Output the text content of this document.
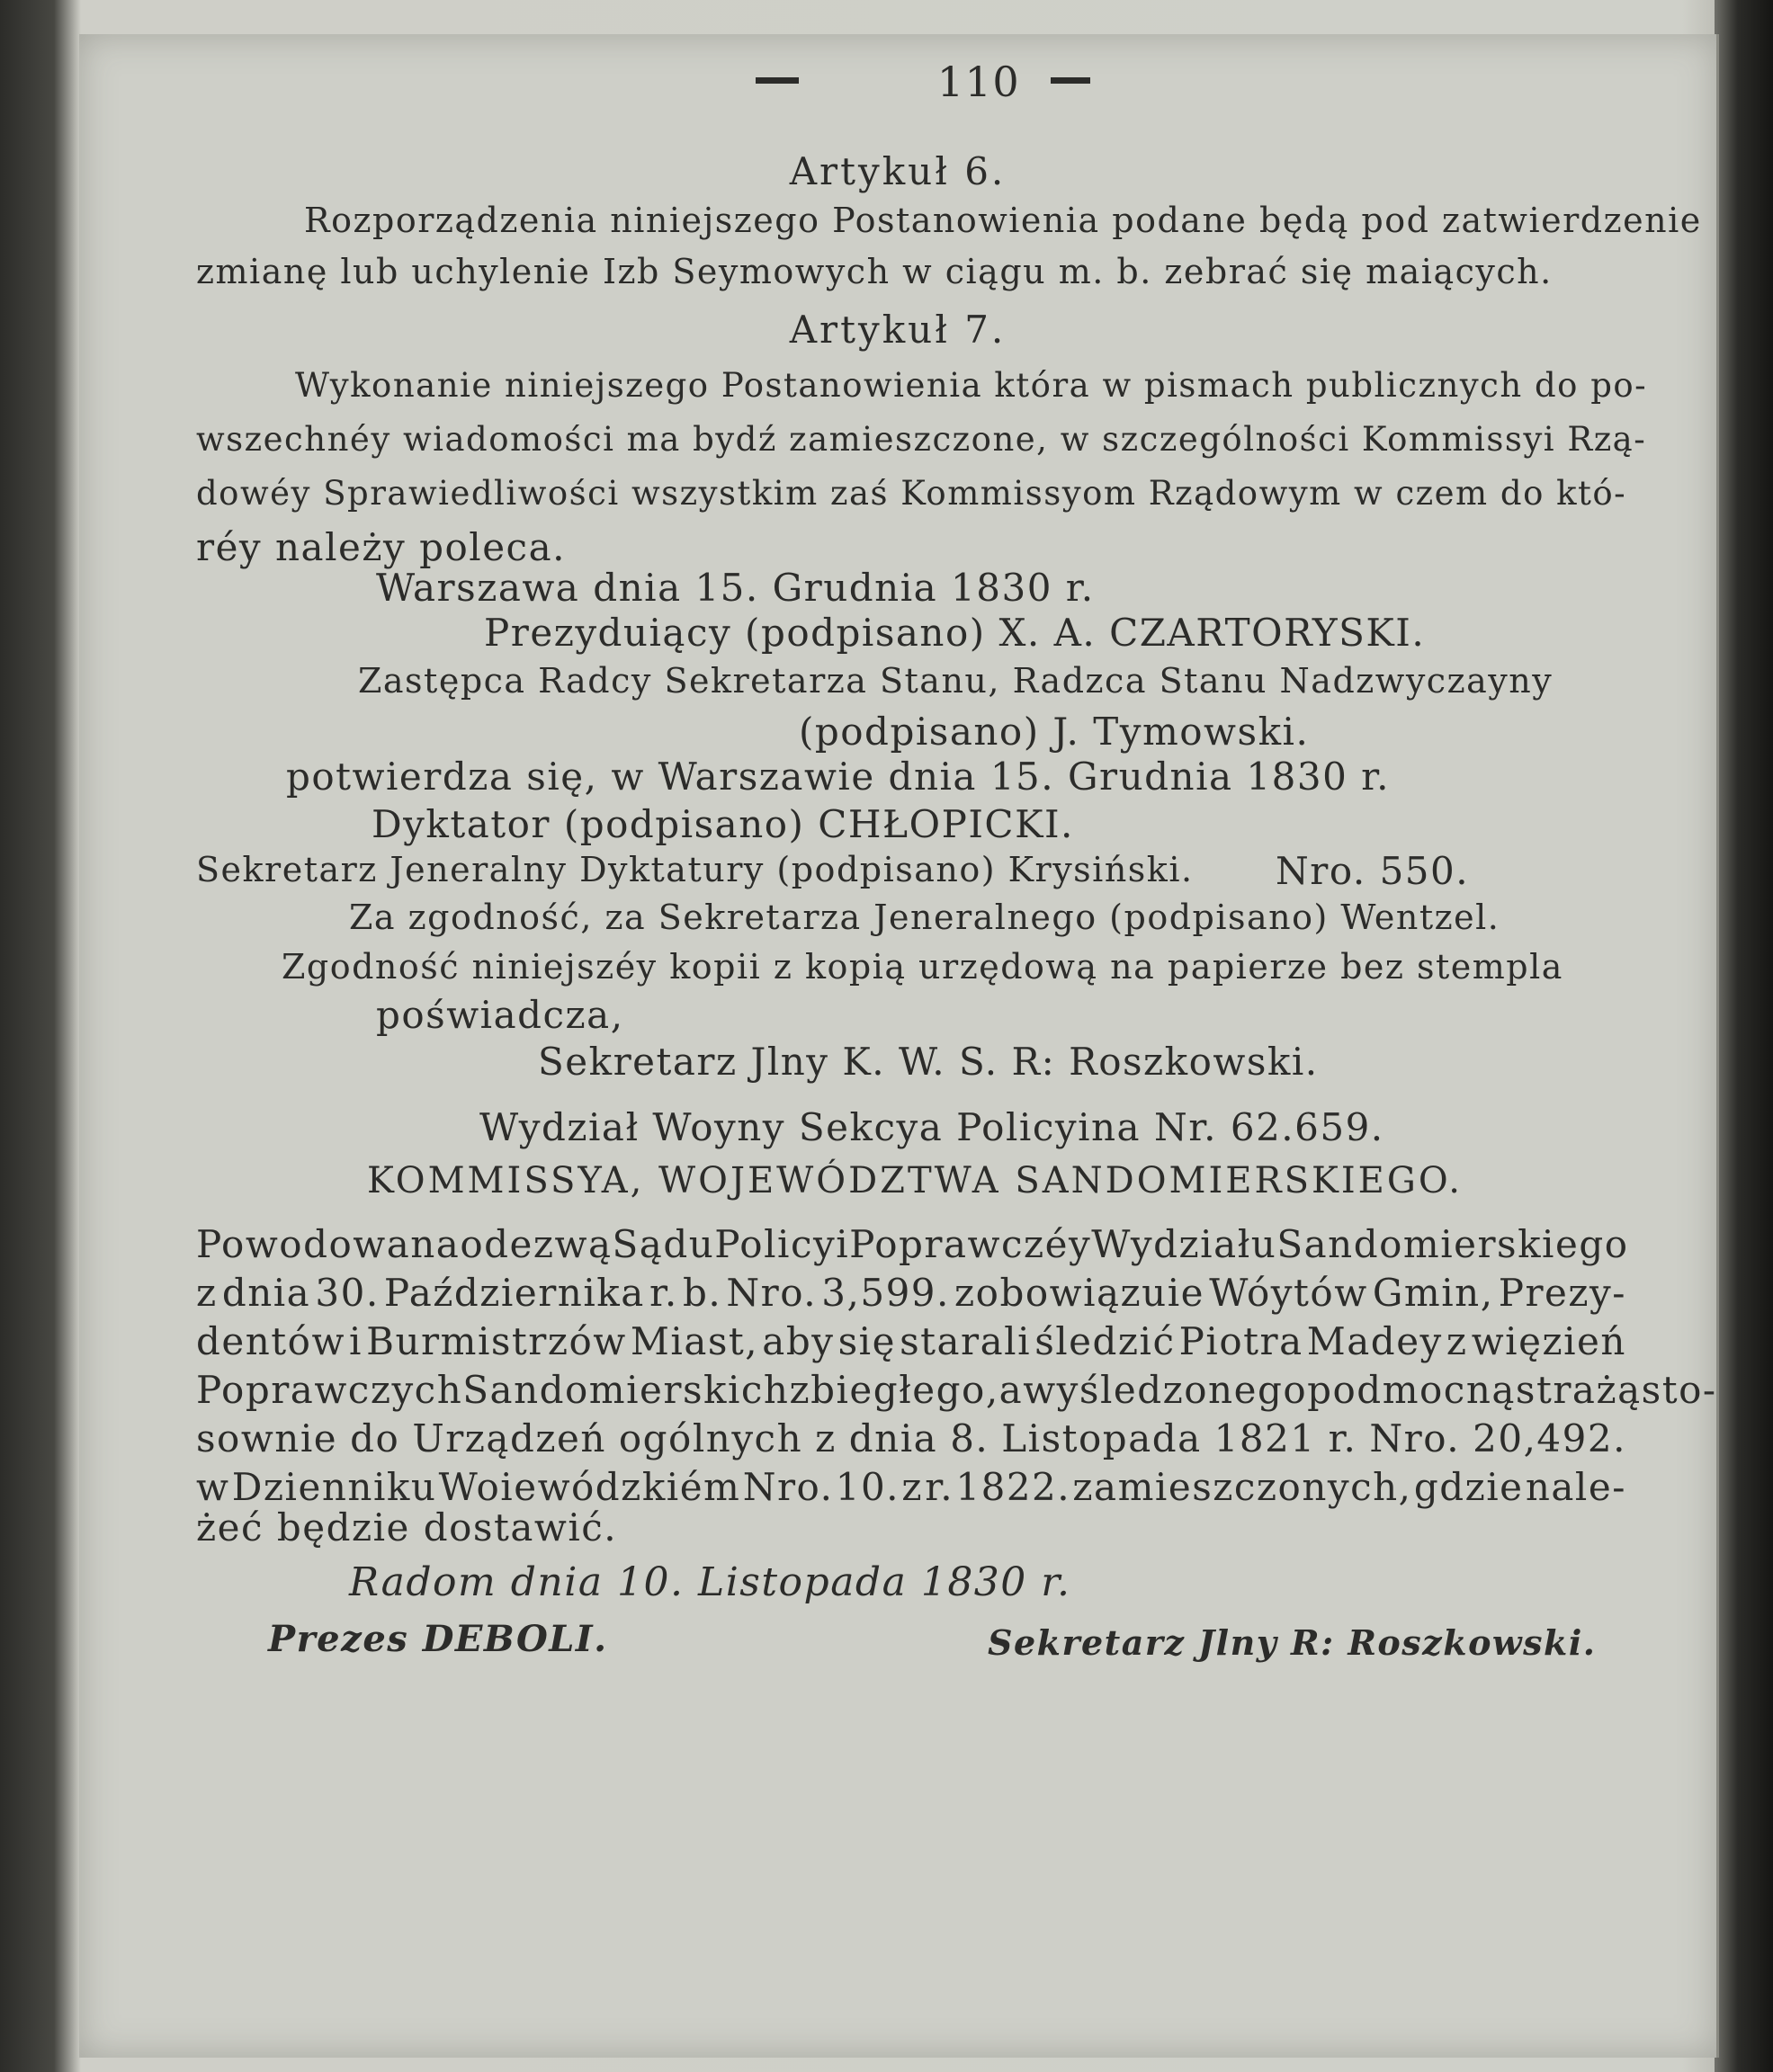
110
Artykuł 6.
Rozporządzenia niniejszego Postanowienia podane będą pod zatwierdzenie
zmianę lub uchylenie Izb Seymowych w ciągu m. b. zebrać się maiących.
Artykuł 7.
Wykonanie niniejszego Postanowienia która w pismach publicznych do po-
wszechnéy wiadomości ma bydź zamieszczone, w szczególności Kommissyi Rzą-
dowéy Sprawiedliwości wszystkim zaś Kommissyom Rządowym w czem do któ-
réy należy poleca.
Warszawa dnia 15. Grudnia 1830 r.
Prezyduiący (podpisano) X. A. CZARTORYSKI.
Zastępca Radcy Sekretarza Stanu, Radzca Stanu Nadzwyczayny
(podpisano) J. Tymowski.
potwierdza się, w Warszawie dnia 15. Grudnia 1830 r.
Dyktator (podpisano) CHŁOPICKI.
Sekretarz Jeneralny Dyktatury (podpisano) Krysiński. Nro. 550.
Za zgodność, za Sekretarza Jeneralnego (podpisano) Wentzel.
Zgodność niniejszéy kopii z kopią urzędową na papierze bez stempla
poświadcza,
Sekretarz Jlny K. W. S. R: Roszkowski.
Wydział Woyny Sekcya Policyina Nr. 62.659.
KOMMISSYA, WOJEWÓDZTWA SANDOMIERSKIEGO.
Powodowana odezwą Sądu Policyi Poprawczéy Wydziału Sandomierskiego
z dnia 30. Października r. b. Nro. 3,599. zobowiązuie Wóytów Gmin, Prezy-
dentów i Burmistrzów Miast, aby się starali śledzić Piotra Madey z więzień
Poprawczych Sandomierskich zbiegłego, a wyśledzonego pod mocną strażą sto-
sownie do Urządzeń ogólnych z dnia 8. Listopada 1821 r. Nro. 20,492.
w Dzienniku Woiewódzkiém Nro. 10. z r. 1822. zamieszczonych, gdzie nale-
żeć będzie dostawić.
Radom dnia 10. Listopada 1830 r.
Prezes DEBOLI.	Sekretarz Jlny R: Roszkowski.
